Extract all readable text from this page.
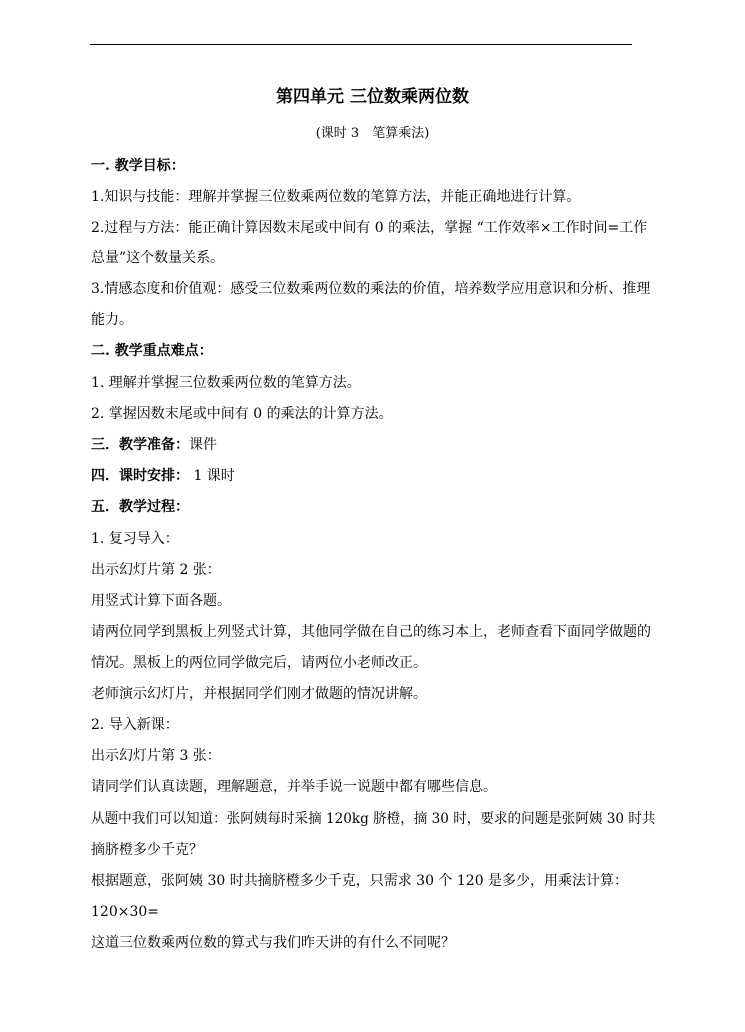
第四单元 三位数乘两位数
(课时 3　笔算乘法)
一. 教学目标：
1.知识与技能：理解并掌握三位数乘两位数的笔算方法，并能正确地进行计算。
2.过程与方法：能正确计算因数末尾或中间有 0 的乘法，掌握 “工作效率×工作时间=工作
总量”这个数量关系。
3.情感态度和价值观：感受三位数乘两位数的乘法的价值，培养数学应用意识和分析、推理
能力。
二. 教学重点难点：
1. 理解并掌握三位数乘两位数的笔算方法。
2. 掌握因数末尾或中间有 0 的乘法的计算方法。
三．教学准备：课件
四．课时安排： 1 课时
五．教学过程：
1. 复习导入：
出示幻灯片第 2 张：
用竖式计算下面各题。
请两位同学到黑板上列竖式计算，其他同学做在自己的练习本上，老师查看下面同学做题的
情况。黑板上的两位同学做完后，请两位小老师改正。
老师演示幻灯片，并根据同学们刚才做题的情况讲解。
2. 导入新课：
出示幻灯片第 3 张：
请同学们认真读题，理解题意，并举手说一说题中都有哪些信息。
从题中我们可以知道：张阿姨每时采摘 120kg 脐橙，摘 30 时，要求的问题是张阿姨 30 时共
摘脐橙多少千克？
根据题意，张阿姨 30 时共摘脐橙多少千克，只需求 30 个 120 是多少，用乘法计算：
120×30=
这道三位数乘两位数的算式与我们昨天讲的有什么不同呢？
